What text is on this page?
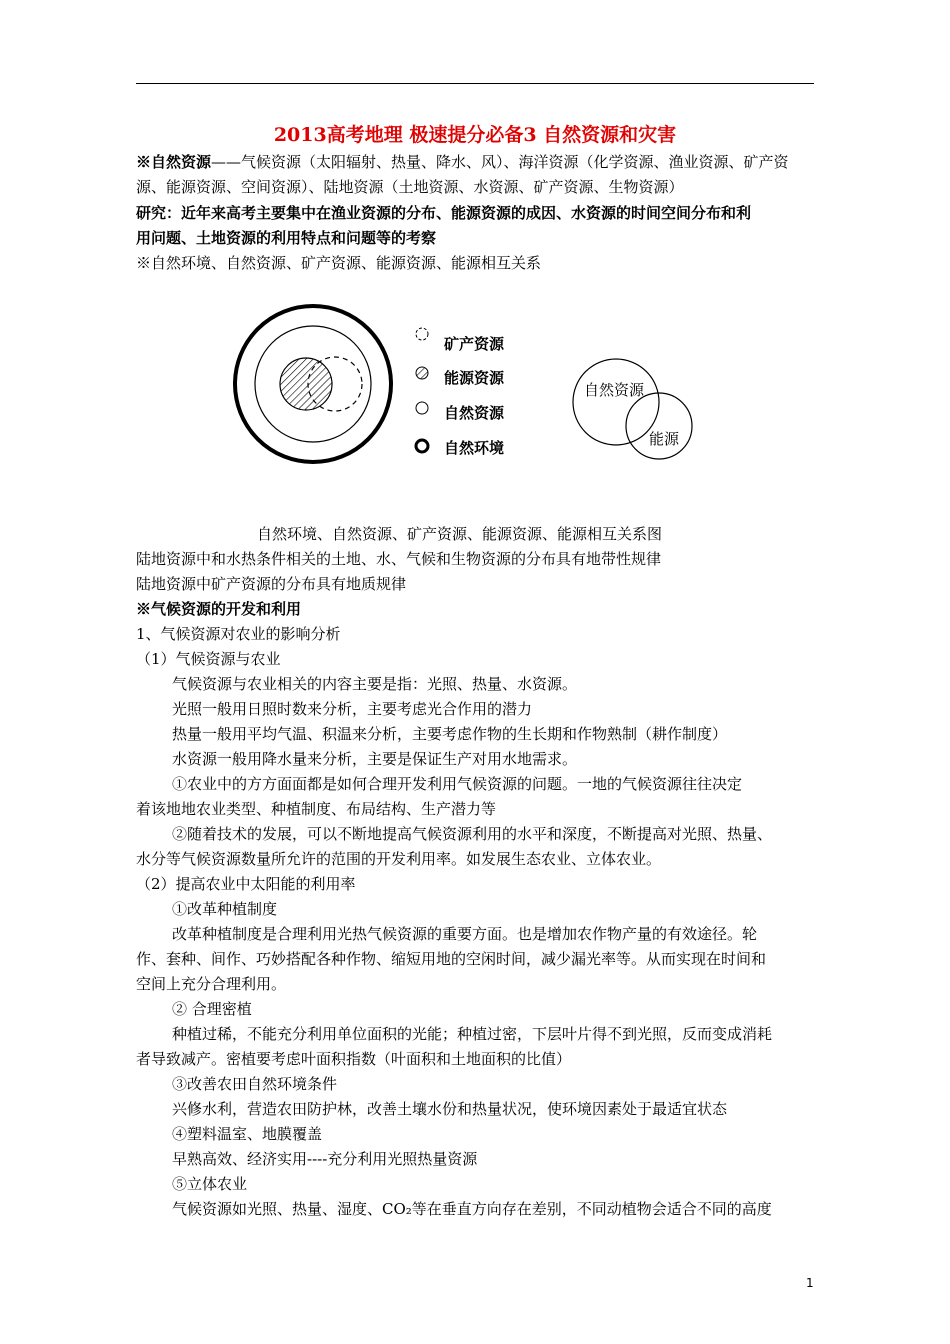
2013高考地理 极速提分必备3 自然资源和灾害
※自然资源——气候资源（太阳辐射、热量、降水、风）、海洋资源（化学资源、渔业资源、矿产资
源、能源资源、空间资源）、陆地资源（土地资源、水资源、矿产资源、生物资源）
研究：近年来高考主要集中在渔业资源的分布、能源资源的成因、水资源的时间空间分布和利
用问题、土地资源的利用特点和问题等的考察
※自然环境、自然资源、矿产资源、能源资源、能源相互关系
矿产资源
能源资源
自然资源
自然环境
自然资源
能源
自然环境、自然资源、矿产资源、能源资源、能源相互关系图
陆地资源中和水热条件相关的土地、水、气候和生物资源的分布具有地带性规律
陆地资源中矿产资源的分布具有地质规律
※气候资源的开发和利用
1、气候资源对农业的影响分析
（1）气候资源与农业
气候资源与农业相关的内容主要是指：光照、热量、水资源。
光照一般用日照时数来分析，主要考虑光合作用的潜力
热量一般用平均气温、积温来分析，主要考虑作物的生长期和作物熟制（耕作制度）
水资源一般用降水量来分析，主要是保证生产对用水地需求。
①农业中的方方面面都是如何合理开发利用气候资源的问题。一地的气候资源往往决定
着该地地农业类型、种植制度、布局结构、生产潜力等
②随着技术的发展，可以不断地提高气候资源利用的水平和深度，不断提高对光照、热量、
水分等气候资源数量所允许的范围的开发利用率。如发展生态农业、立体农业。
（2）提高农业中太阳能的利用率
①改革种植制度
改革种植制度是合理利用光热气候资源的重要方面。也是增加农作物产量的有效途径。轮
作、套种、间作、巧妙搭配各种作物、缩短用地的空闲时间，减少漏光率等。从而实现在时间和
空间上充分合理利用。
② 合理密植
种植过稀，不能充分利用单位面积的光能；种植过密，下层叶片得不到光照，反而变成消耗
者导致减产。密植要考虑叶面积指数（叶面积和土地面积的比值）
③改善农田自然环境条件
兴修水利，营造农田防护林，改善土壤水份和热量状况，使环境因素处于最适宜状态
④塑料温室、地膜覆盖
早熟高效、经济实用----充分利用光照热量资源
⑤立体农业
气候资源如光照、热量、湿度、CO₂等在垂直方向存在差别，不同动植物会适合不同的高度
1
